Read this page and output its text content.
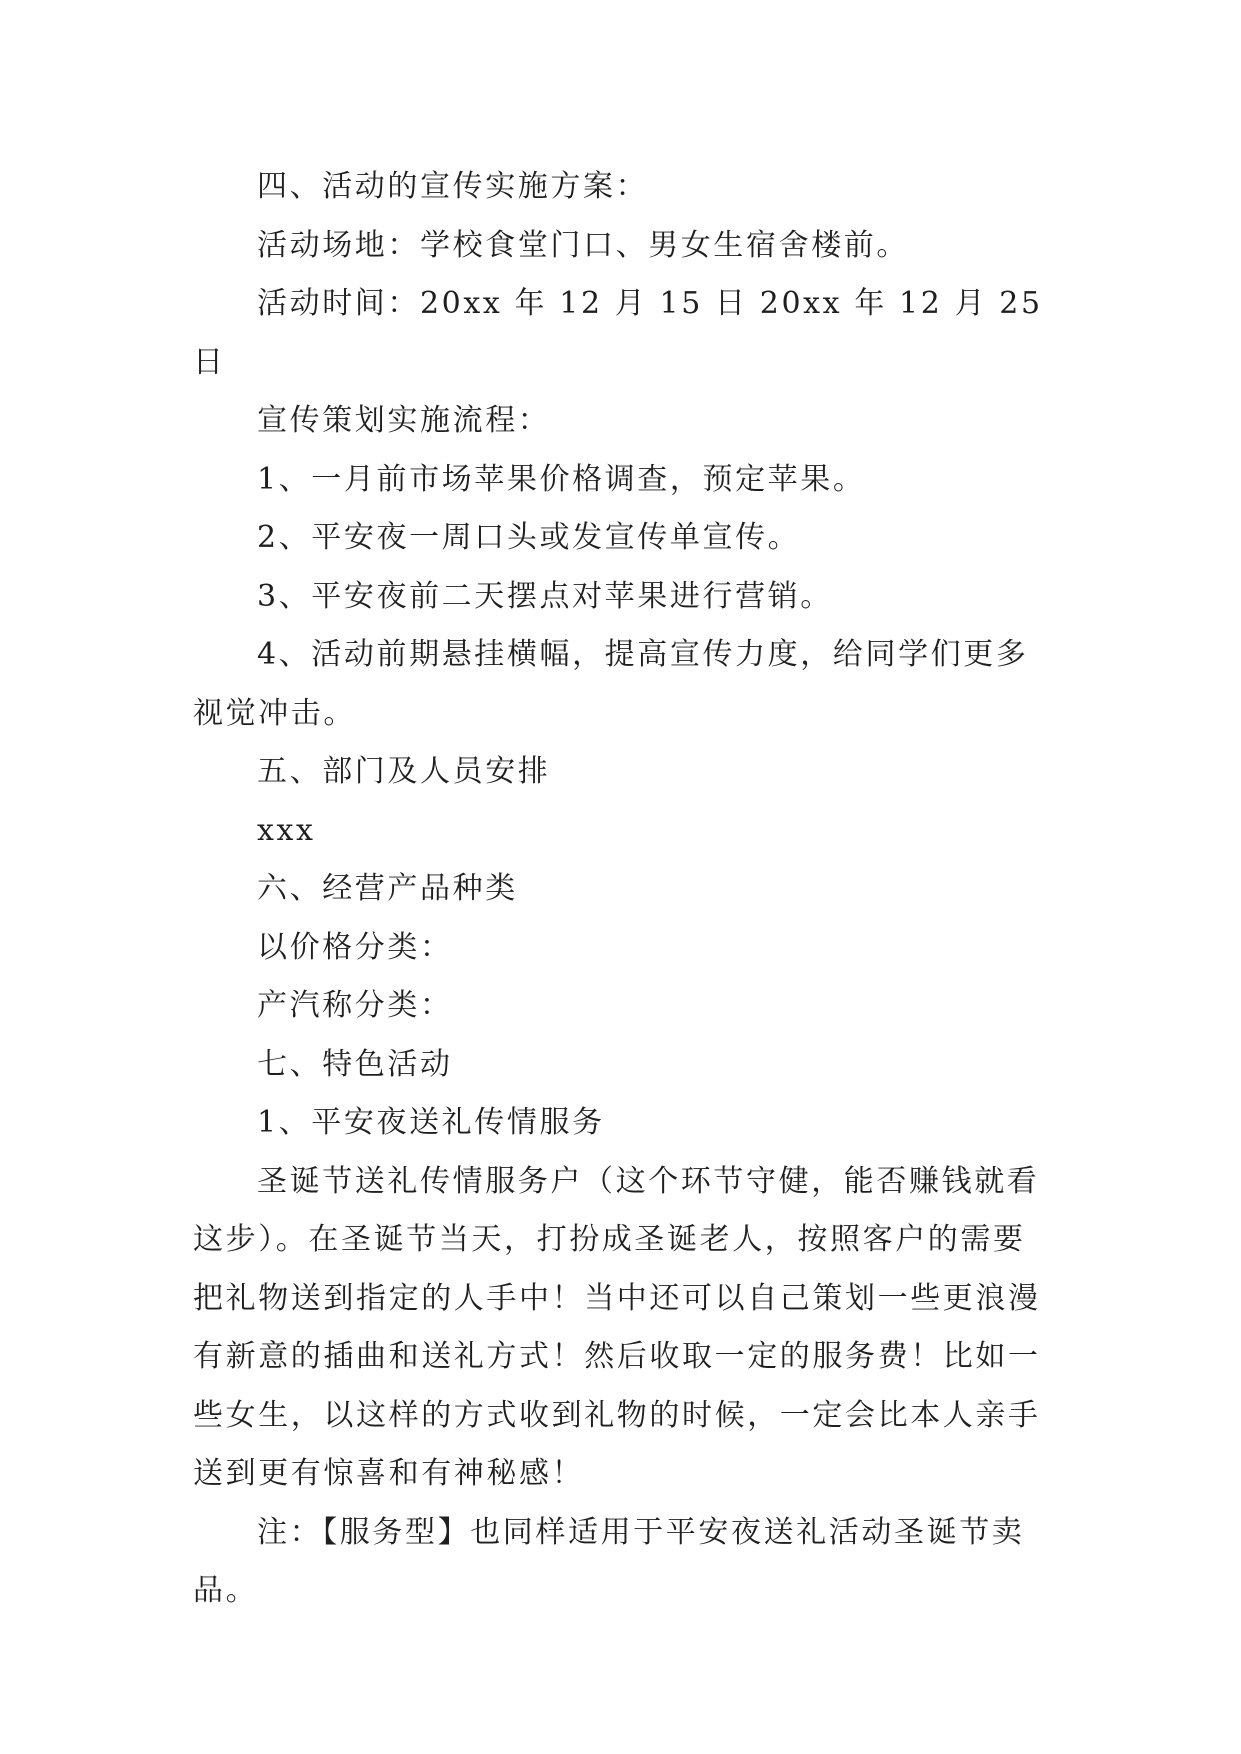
四、活动的宣传实施方案：

活动场地：学校食堂门口、男女生宿舍楼前。

活动时间：20xx 年 12 月 15 日 20xx 年 12 月 25 日

宣传策划实施流程：

1、一月前市场苹果价格调查，预定苹果。

2、平安夜一周口头或发宣传单宣传。

3、平安夜前二天摆点对苹果进行营销。

4、活动前期悬挂横幅，提高宣传力度，给同学们更多视觉冲击。

五、部门及人员安排

xxx

六、经营产品种类

以价格分类：

产汽称分类：

七、特色活动

1、平安夜送礼传情服务

圣诞节送礼传情服务户（这个环节守健，能否赚钱就看这步）。在圣诞节当天，打扮成圣诞老人，按照客户的需要把礼物送到指定的人手中！当中还可以自己策划一些更浪漫有新意的插曲和送礼方式！然后收取一定的服务费！比如一些女生，以这样的方式收到礼物的时候，一定会比本人亲手送到更有惊喜和有神秘感！

注：【服务型】也同样适用于平安夜送礼活动圣诞节卖品。
